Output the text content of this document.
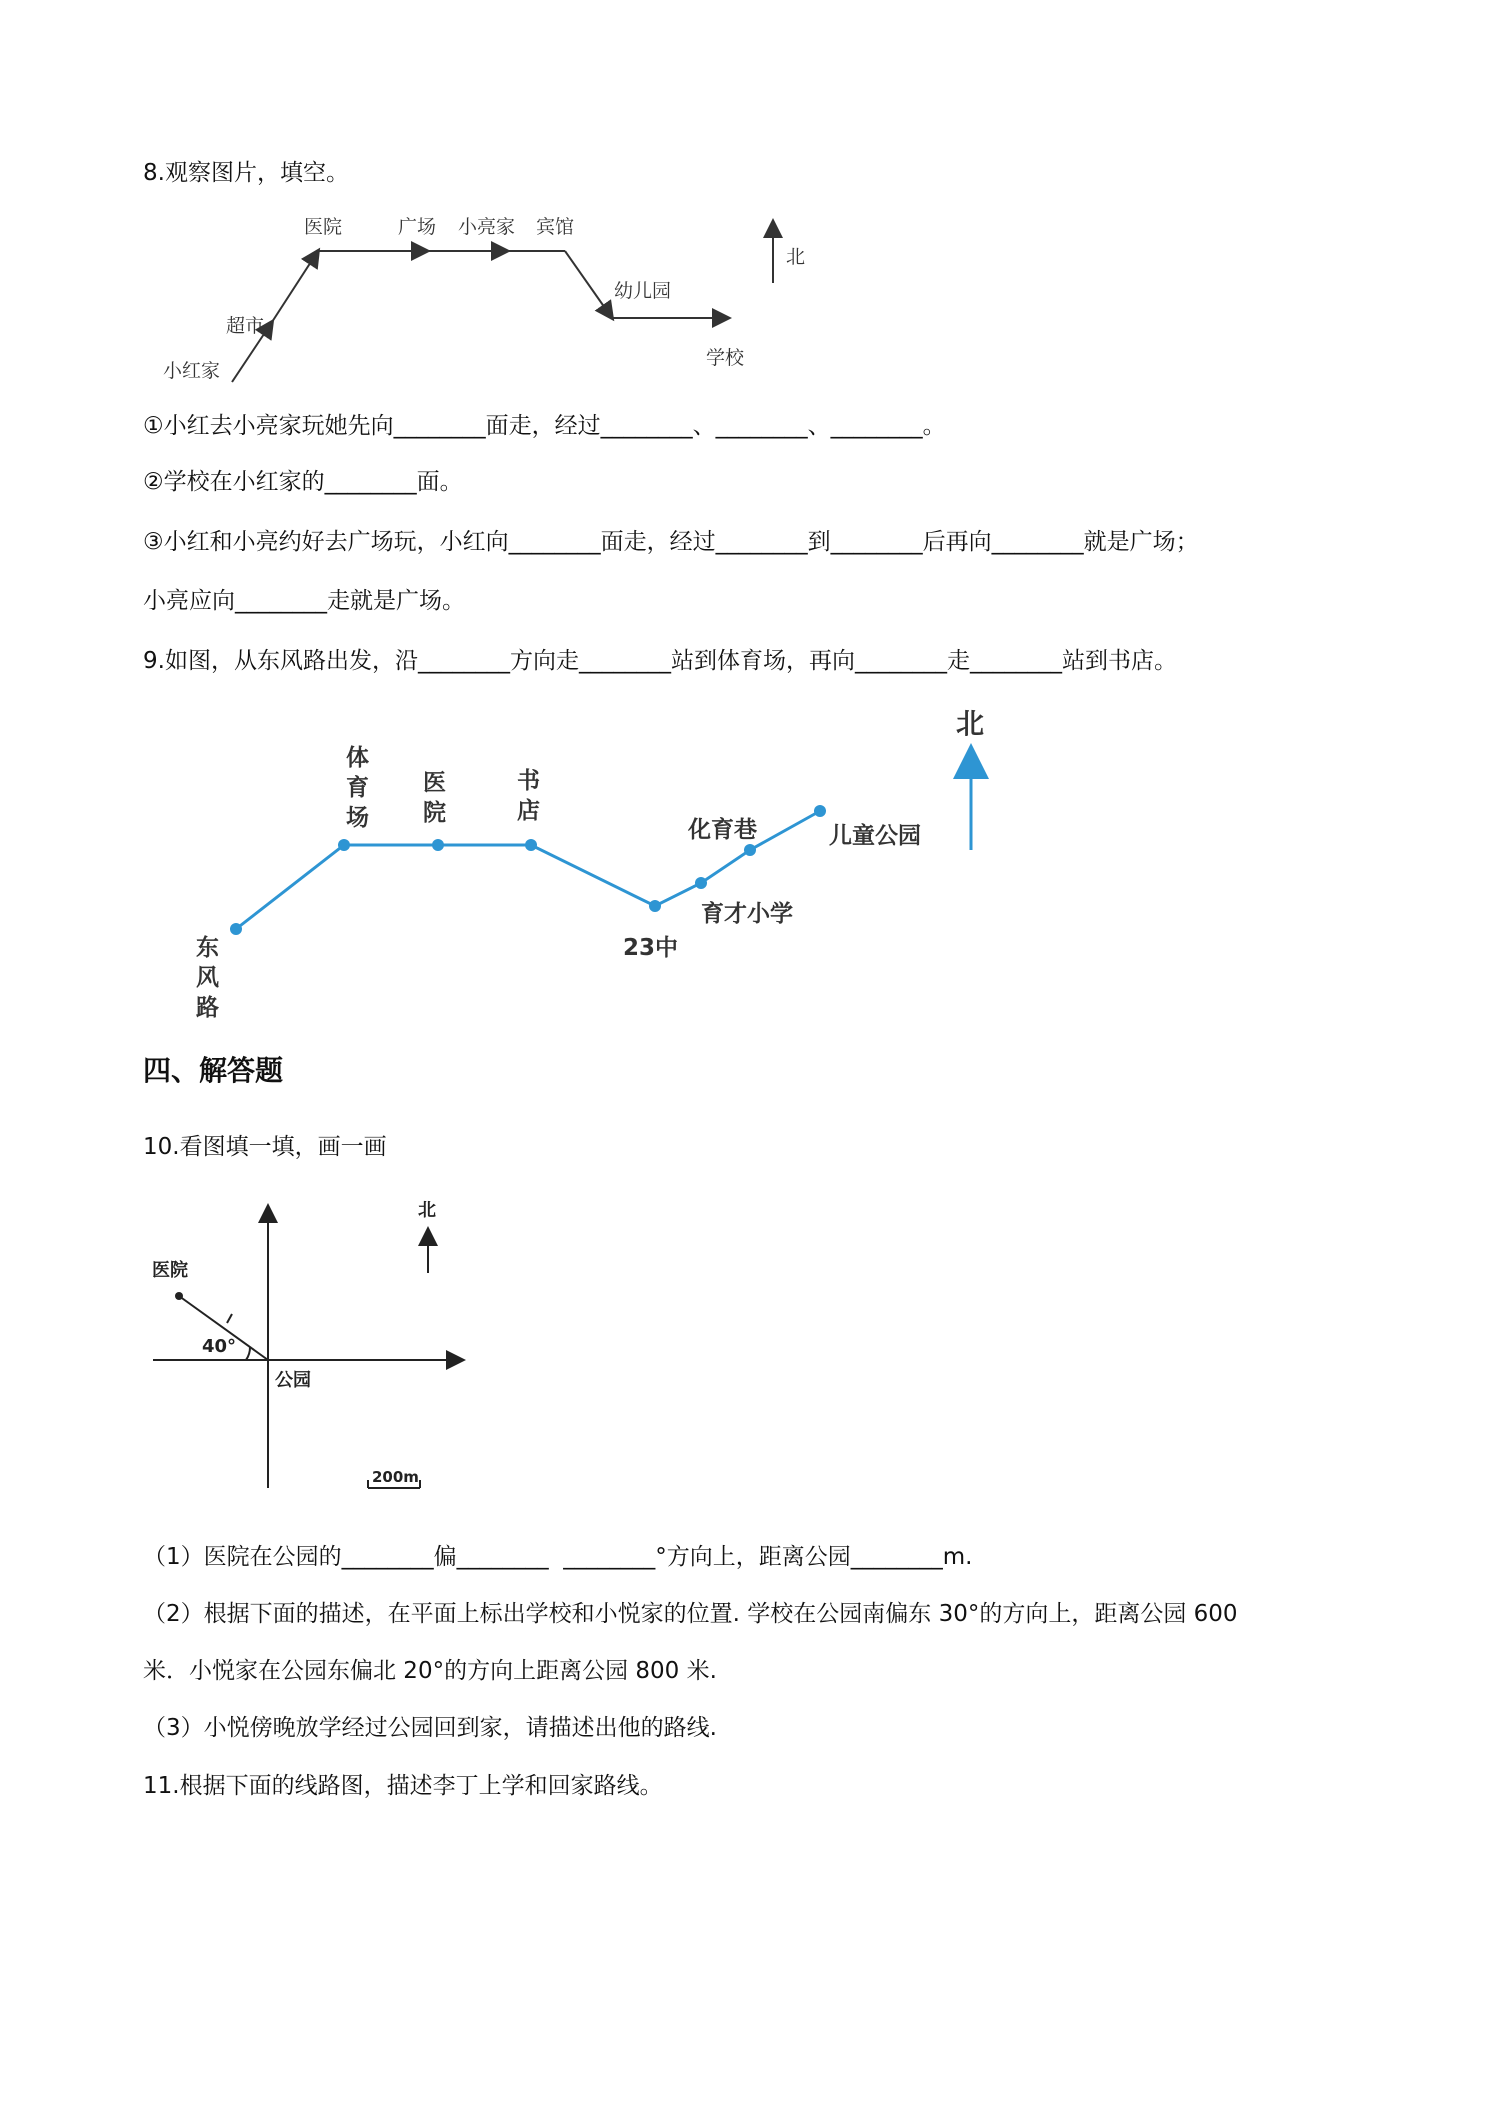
8.观察图片，填空。
医院	广场 小亮家 宾馆
幼儿园
学校
超市
小红家
北
①小红去小亮家玩她先向________面走，经过________、________、________。
②学校在小红家的________面。
③小红和小亮约好去广场玩，小红向________面走，经过________到________后再向________就是广场；
小亮应向________走就是广场。
9.如图，从东风路出发，沿________方向走________站到体育场，再向________走________站到书店。
北
东 风 路
体 育 场
医 院
书 店
23中
育才小学
化育巷	儿童公园
四、解答题
10.看图填一填，画一画
北
医院
40°
公园
200m
（1）医院在公园的________偏________  ________°方向上，距离公园________m.
（2）根据下面的描述，在平面上标出学校和小悦家的位置. 学校在公园南偏东 30°的方向上，距离公园 600
米．小悦家在公园东偏北 20°的方向上距离公园 800 米.
（3）小悦傍晚放学经过公园回到家，请描述出他的路线.
11.根据下面的线路图，描述李丁上学和回家路线。
